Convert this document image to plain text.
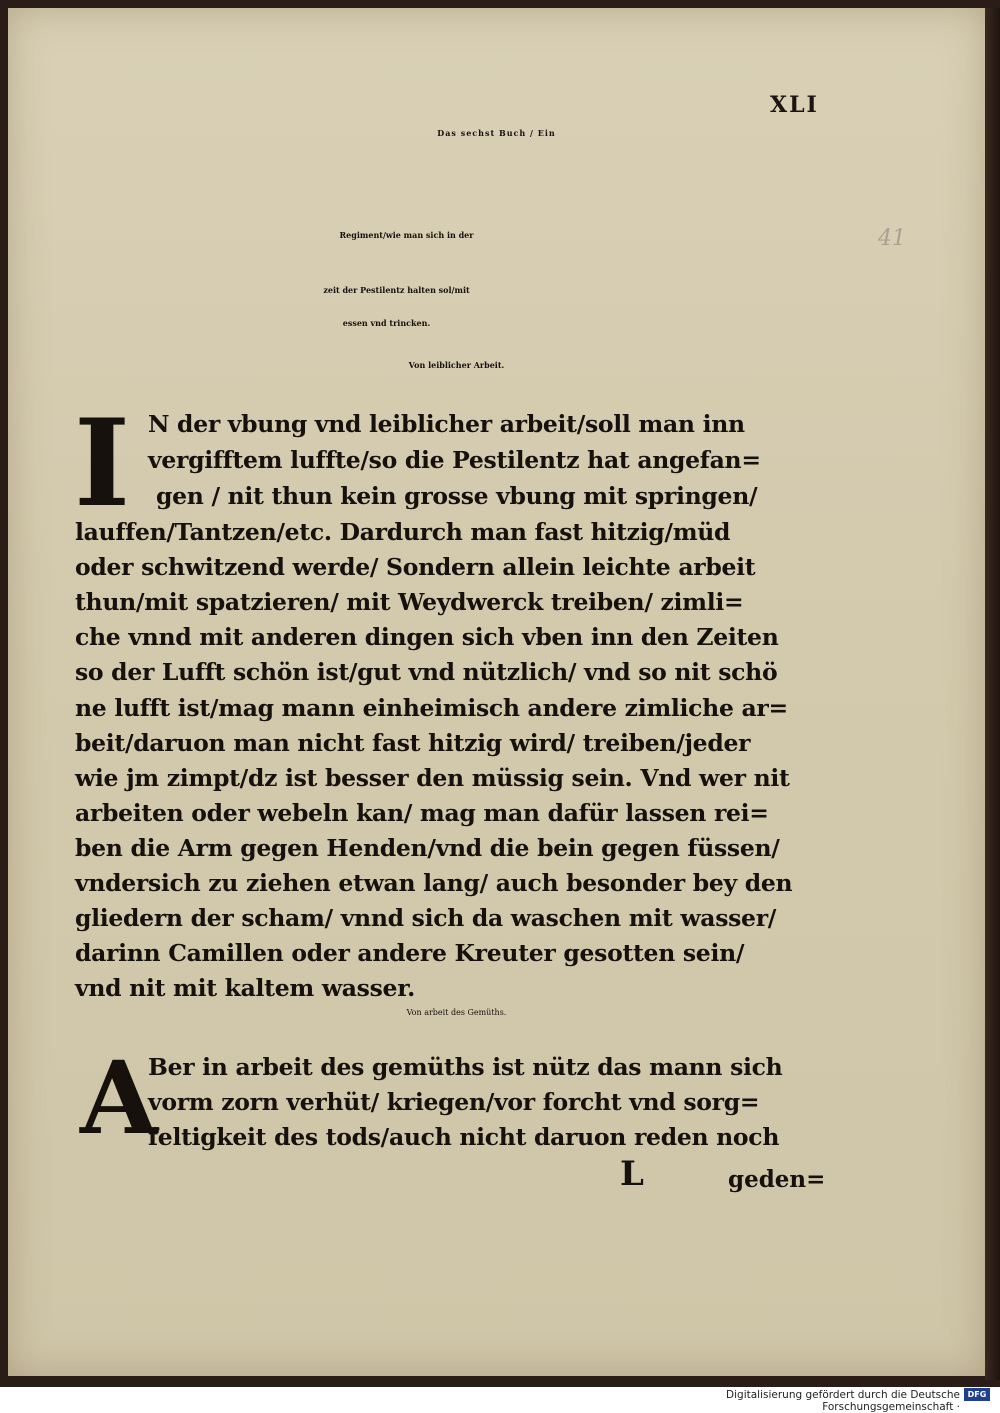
XLI
41
Das sechst Buch / Ein
Regiment/wie man sich in der
zeit der Pestilentz halten sol/mit
essen vnd trincken.
Von leiblicher Arbeit.
I N der vbung vnd leiblicher arbeit/soll man inn
vergifftem luffte/so die Pestilentz hat angefan=
gen / nit thun kein grosse vbung mit springen/
lauffen/Tantzen/etc. Dardurch man fast hitzig/müd
oder schwitzend werde/ Sondern allein leichte arbeit
thun/mit spatzieren/ mit Weydwerck treiben/ zimli=
che vnnd mit anderen dingen sich vben inn den Zeiten
so der Lufft schön ist/gut vnd nützlich/ vnd so nit schö
ne lufft ist/mag mann einheimisch andere zimliche ar=
beit/daruon man nicht fast hitzig wird/ treiben/jeder
wie jm zimpt/dz ist besser den müssig sein. Vnd wer nit
arbeiten oder webeln kan/ mag man dafür lassen rei=
ben die Arm gegen Henden/vnd die bein gegen füssen/
vndersich zu ziehen etwan lang/ auch besonder bey den
gliedern der scham/ vnnd sich da waschen mit wasser/
darinn Camillen oder andere Kreuter gesotten sein/
vnd nit mit kaltem wasser.
Von arbeit des Gemüths.
A
Ber in arbeit des gemüths ist nütz das mann sich
vorm zorn verhüt/ kriegen/vor forcht vnd sorg=
feltigkeit des tods/auch nicht daruon reden noch
L	geden=
Digitalisierung gefördert durch die Deutsche Forschungsgemeinschaft ·
DFG
